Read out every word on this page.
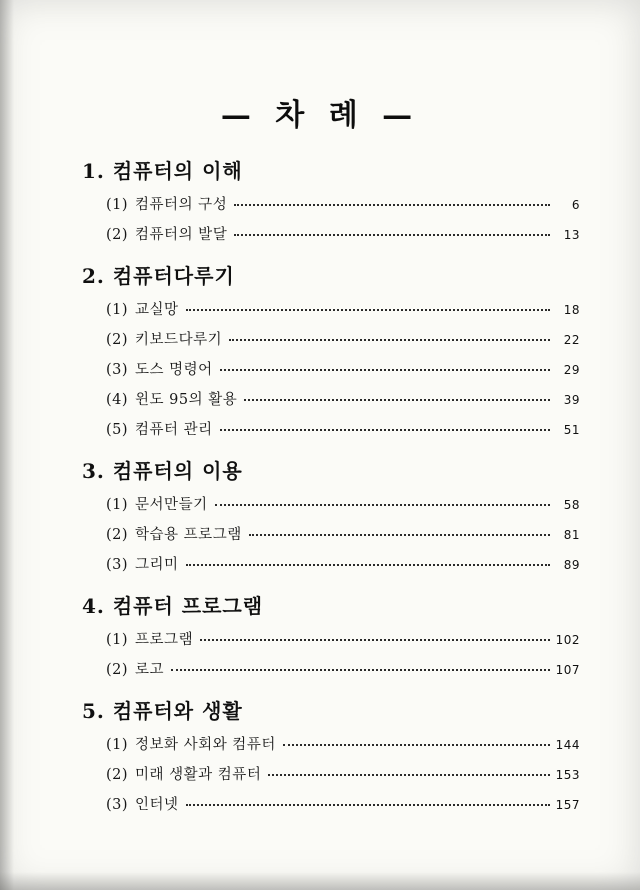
— 차 례 —
1. 컴퓨터의 이해
(1) 컴퓨터의 구성	6
(2) 컴퓨터의 발달	13
2. 컴퓨터다루기
(1) 교실망	18
(2) 키보드다루기	22
(3) 도스 명령어	29
(4) 윈도 95의 활용	39
(5) 컴퓨터 관리	51
3. 컴퓨터의 이용
(1) 문서만들기	58
(2) 학습용 프로그램	81
(3) 그리미	89
4. 컴퓨터 프로그램
(1) 프로그램	102
(2) 로고	107
5. 컴퓨터와 생활
(1) 정보화 사회와 컴퓨터	144
(2) 미래 생활과 컴퓨터	153
(3) 인터넷	157
